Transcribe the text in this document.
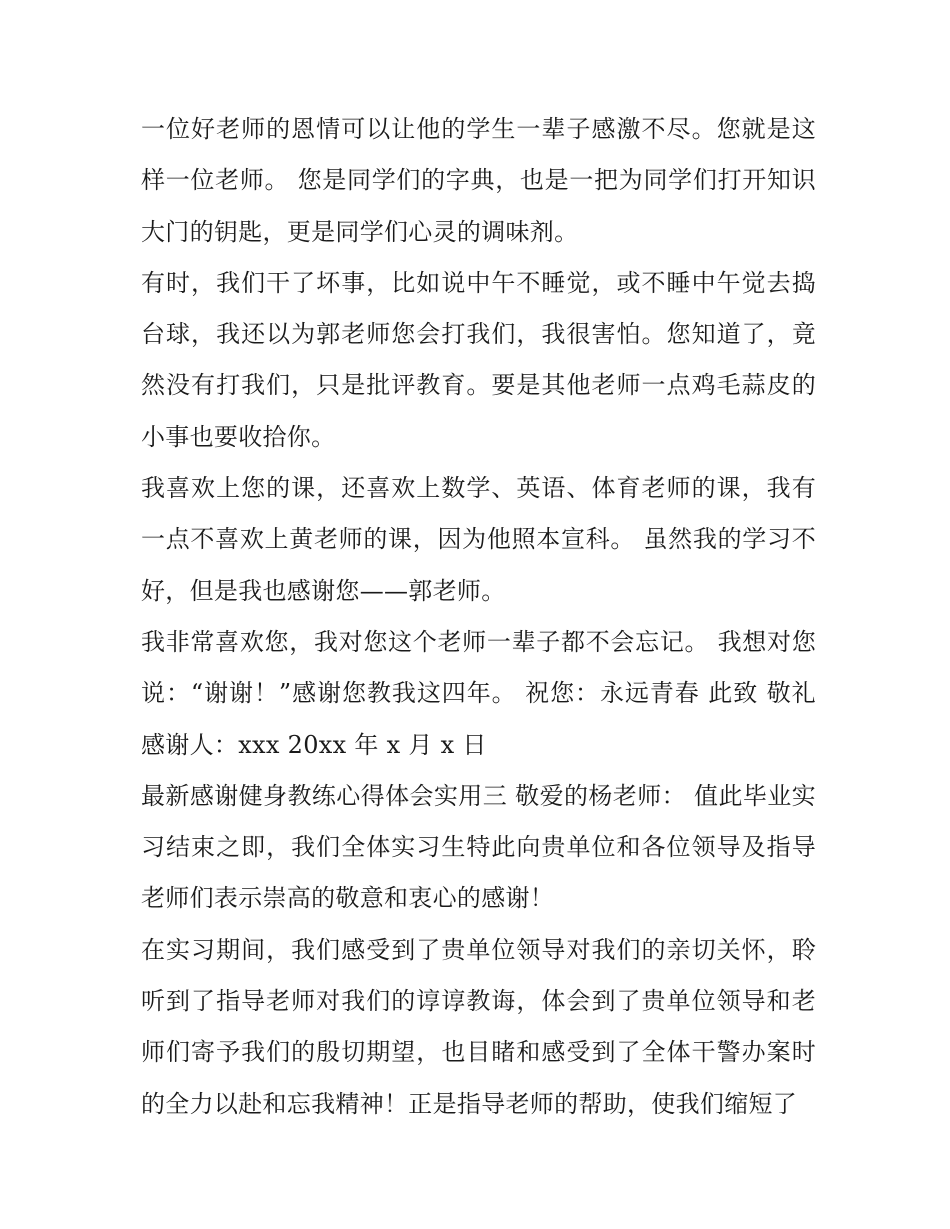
一位好老师的恩情可以让他的学生一辈子感激不尽。您就是这样一位老师。 您是同学们的字典，也是一把为同学们打开知识大门的钥匙，更是同学们心灵的调味剂。

有时，我们干了坏事，比如说中午不睡觉，或不睡中午觉去捣台球，我还以为郭老师您会打我们，我很害怕。您知道了，竟然没有打我们，只是批评教育。要是其他老师一点鸡毛蒜皮的小事也要收拾你。

我喜欢上您的课，还喜欢上数学、英语、体育老师的课，我有一点不喜欢上黄老师的课，因为他照本宣科。 虽然我的学习不好，但是我也感谢您——郭老师。

我非常喜欢您，我对您这个老师一辈子都不会忘记。 我想对您说：“谢谢！”感谢您教我这四年。 祝您：永远青春 此致 敬礼 感谢人：xxx 20xx 年 x 月 x 日

最新感谢健身教练心得体会实用三 敬爱的杨老师： 值此毕业实习结束之即，我们全体实习生特此向贵单位和各位领导及指导老师们表示崇高的敬意和衷心的感谢！

在实习期间，我们感受到了贵单位领导对我们的亲切关怀，聆听到了指导老师对我们的谆谆教诲，体会到了贵单位领导和老师们寄予我们的殷切期望，也目睹和感受到了全体干警办案时的全力以赴和忘我精神！正是指导老师的帮助，使我们缩短了
